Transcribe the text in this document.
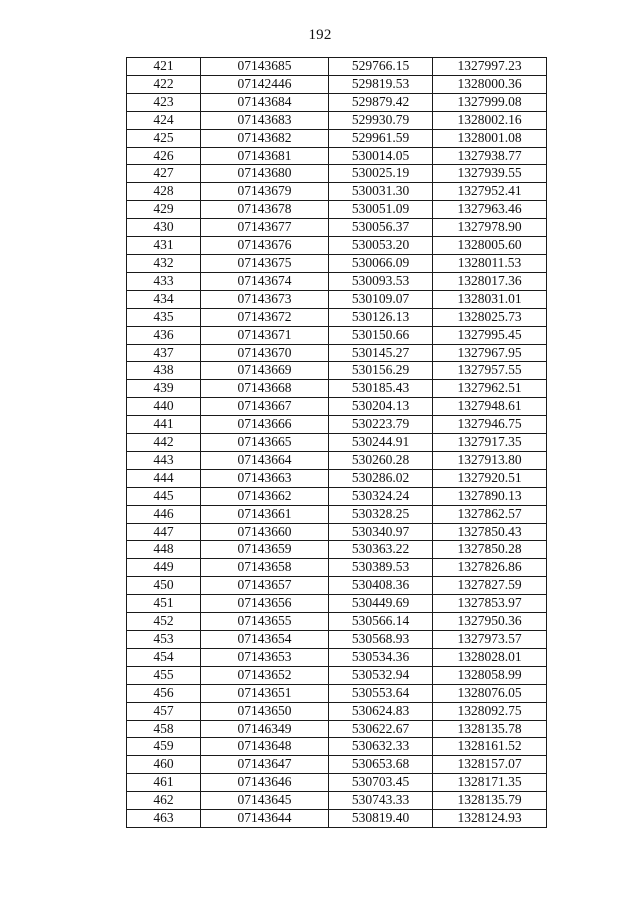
192
421	07143685	529766.15	1327997.23
422	07142446	529819.53	1328000.36
423	07143684	529879.42	1327999.08
424	07143683	529930.79	1328002.16
425	07143682	529961.59	1328001.08
426	07143681	530014.05	1327938.77
427	07143680	530025.19	1327939.55
428	07143679	530031.30	1327952.41
429	07143678	530051.09	1327963.46
430	07143677	530056.37	1327978.90
431	07143676	530053.20	1328005.60
432	07143675	530066.09	1328011.53
433	07143674	530093.53	1328017.36
434	07143673	530109.07	1328031.01
435	07143672	530126.13	1328025.73
436	07143671	530150.66	1327995.45
437	07143670	530145.27	1327967.95
438	07143669	530156.29	1327957.55
439	07143668	530185.43	1327962.51
440	07143667	530204.13	1327948.61
441	07143666	530223.79	1327946.75
442	07143665	530244.91	1327917.35
443	07143664	530260.28	1327913.80
444	07143663	530286.02	1327920.51
445	07143662	530324.24	1327890.13
446	07143661	530328.25	1327862.57
447	07143660	530340.97	1327850.43
448	07143659	530363.22	1327850.28
449	07143658	530389.53	1327826.86
450	07143657	530408.36	1327827.59
451	07143656	530449.69	1327853.97
452	07143655	530566.14	1327950.36
453	07143654	530568.93	1327973.57
454	07143653	530534.36	1328028.01
455	07143652	530532.94	1328058.99
456	07143651	530553.64	1328076.05
457	07143650	530624.83	1328092.75
458	07146349	530622.67	1328135.78
459	07143648	530632.33	1328161.52
460	07143647	530653.68	1328157.07
461	07143646	530703.45	1328171.35
462	07143645	530743.33	1328135.79
463	07143644	530819.40	1328124.93
